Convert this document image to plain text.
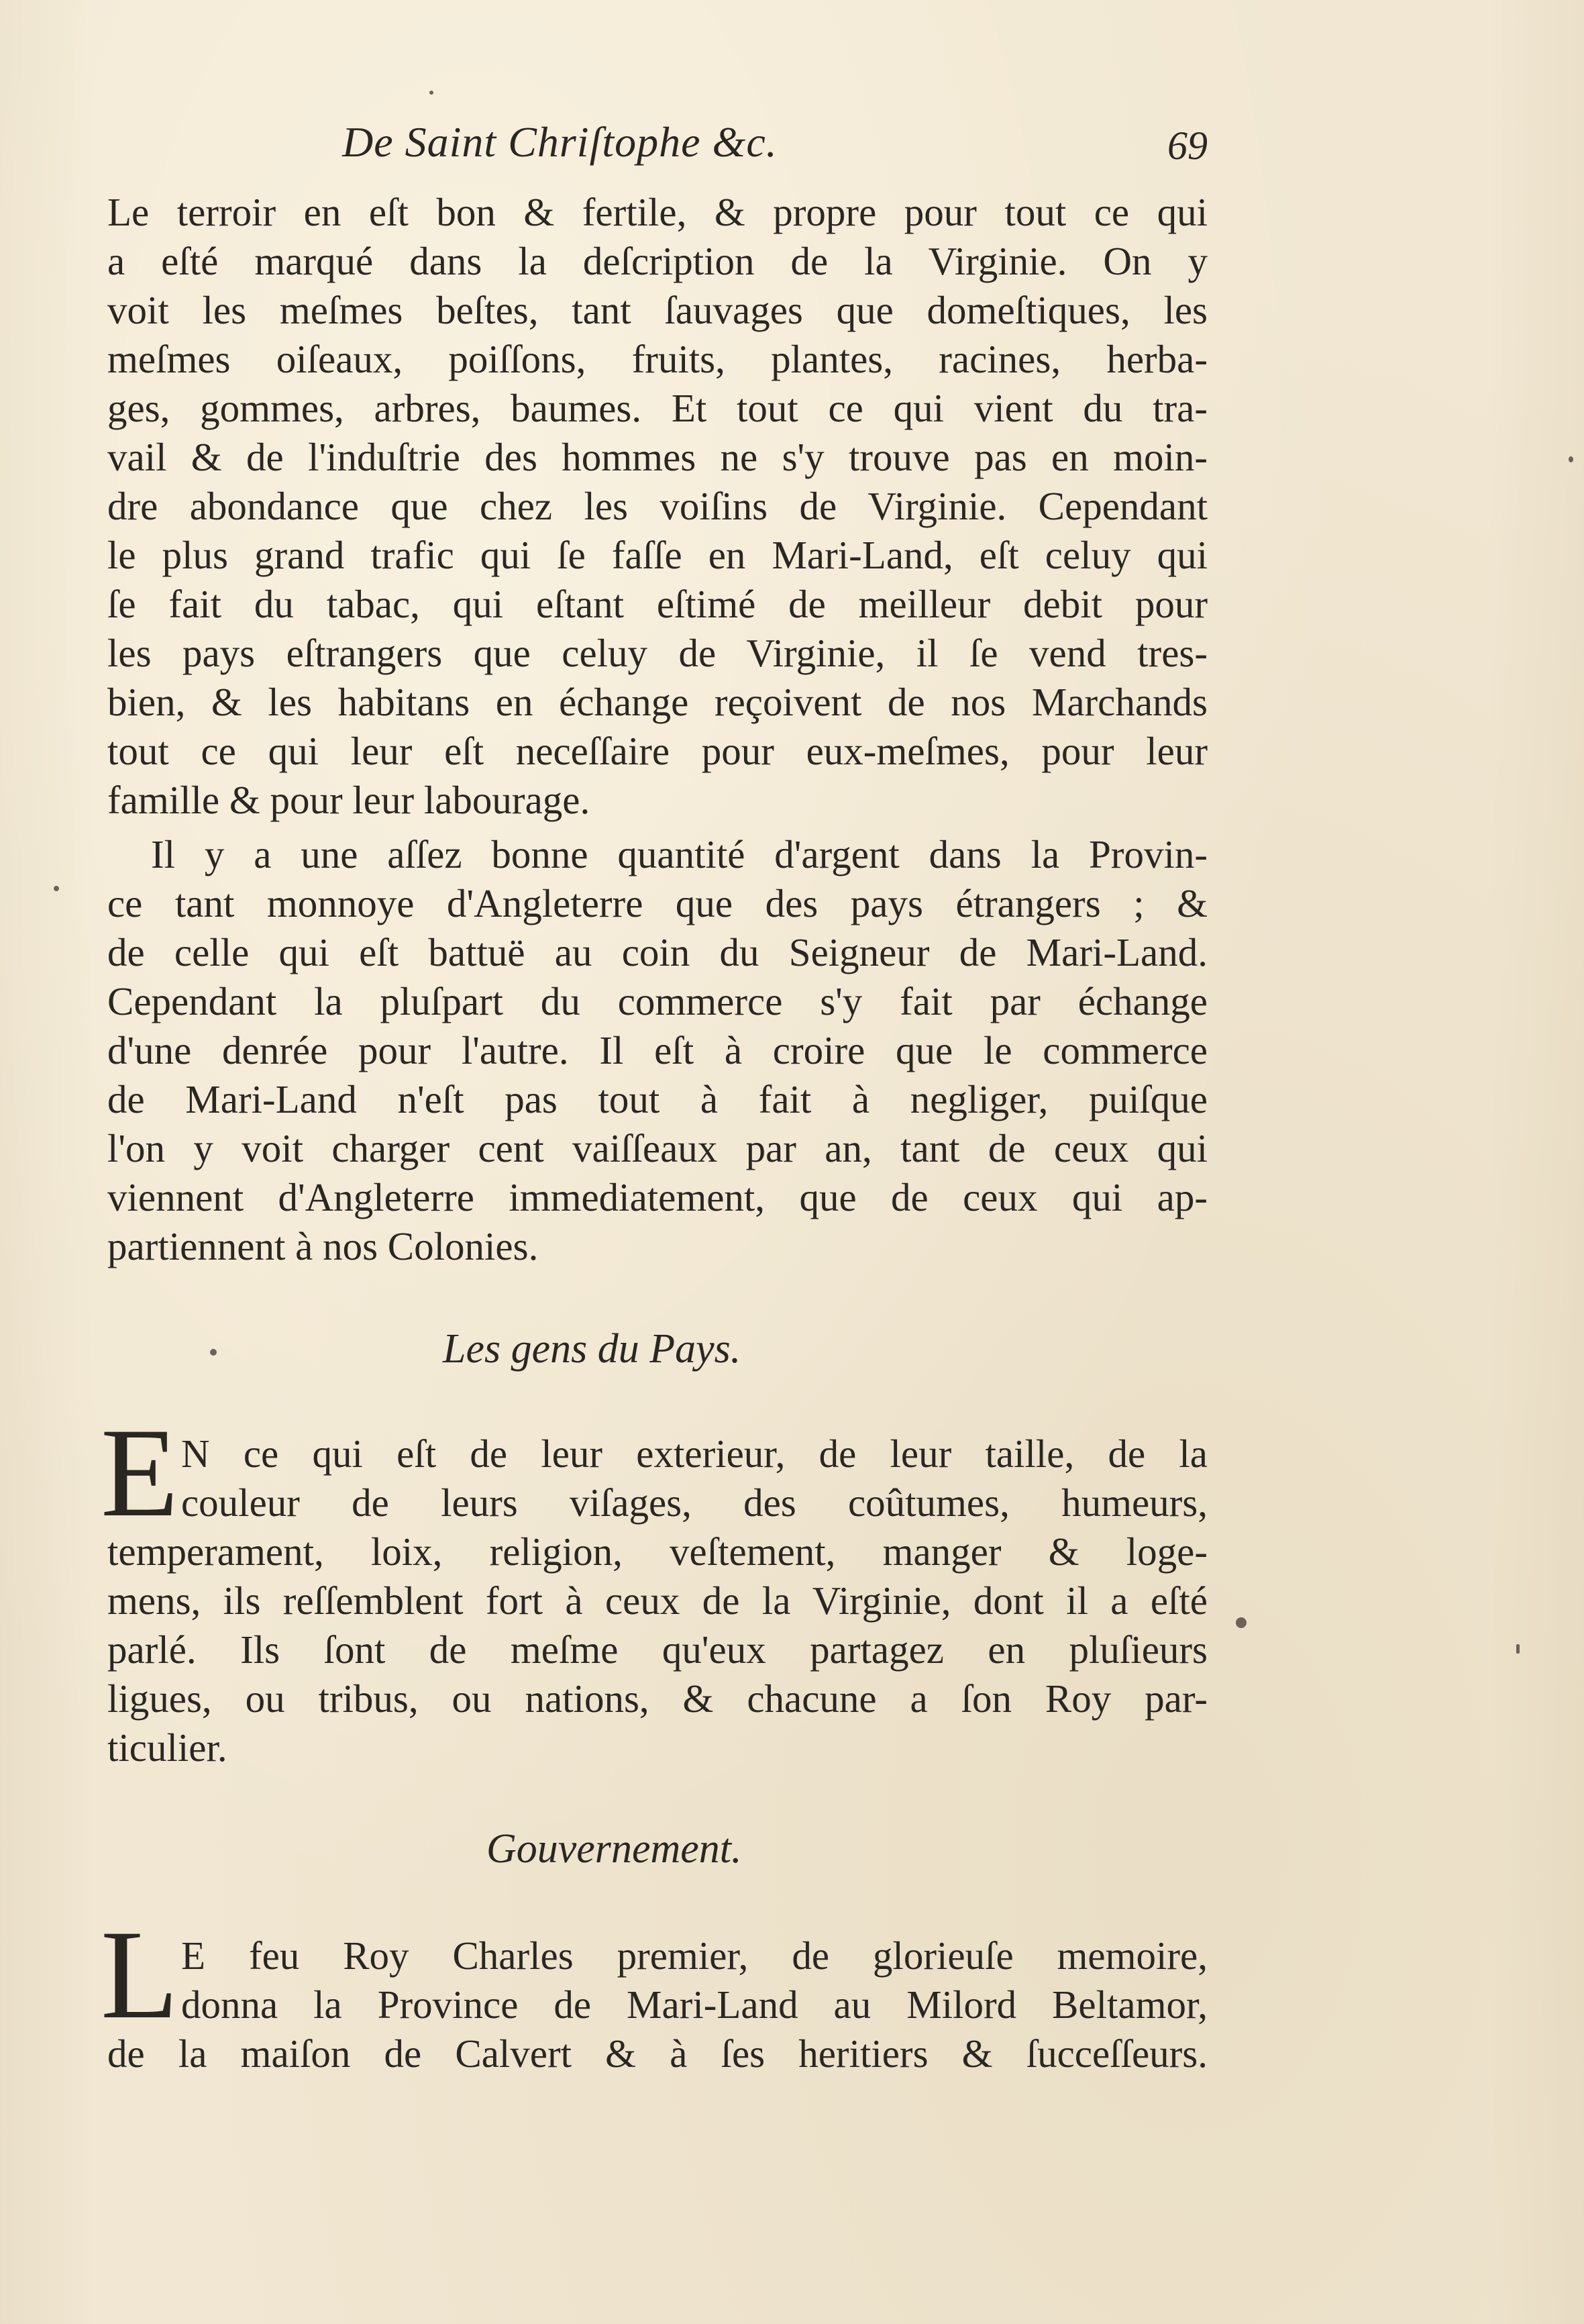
De Saint Chriſtophe &c.	69
Le terroir en eſt bon & fertile, & propre pour tout ce qui
a eſté marqué dans la deſcription de la Virginie. On y
voit les meſmes beſtes, tant ſauvages que domeſtiques, les
meſmes oiſeaux, poiſſons, fruits, plantes, racines, herba-
ges, gommes, arbres, baumes. Et tout ce qui vient du tra-
vail & de l'induſtrie des hommes ne s'y trouve pas en moin-
dre abondance que chez les voiſins de Virginie. Cependant
le plus grand trafic qui ſe faſſe en Mari-Land, eſt celuy qui
ſe fait du tabac, qui eſtant eſtimé de meilleur debit pour
les pays eſtrangers que celuy de Virginie, il ſe vend tres-
bien, & les habitans en échange reçoivent de nos Marchands
tout ce qui leur eſt neceſſaire pour eux-meſmes, pour leur
famille & pour leur labourage.
Il y a une aſſez bonne quantité d'argent dans la Provin-
ce tant monnoye d'Angleterre que des pays étrangers ; &
de celle qui eſt battuë au coin du Seigneur de Mari-Land.
Cependant la pluſpart du commerce s'y fait par échange
d'une denrée pour l'autre. Il eſt à croire que le commerce
de Mari-Land n'eſt pas tout à fait à negliger, puiſque
l'on y voit charger cent vaiſſeaux par an, tant de ceux qui
viennent d'Angleterre immediatement, que de ceux qui ap-
partiennent à nos Colonies.
Les gens du Pays.
E N ce qui eſt de leur exterieur, de leur taille, de la
couleur de leurs viſages, des coûtumes, humeurs,
temperament, loix, religion, veſtement, manger & loge-
mens, ils reſſemblent fort à ceux de la Virginie, dont il a eſté
parlé. Ils ſont de meſme qu'eux partagez en pluſieurs
ligues, ou tribus, ou nations, & chacune a ſon Roy par-
ticulier.
Gouvernement.
L E feu Roy Charles premier, de glorieuſe memoire,
donna la Province de Mari-Land au Milord Beltamor,
de la maiſon de Calvert & à ſes heritiers & ſucceſſeurs.
